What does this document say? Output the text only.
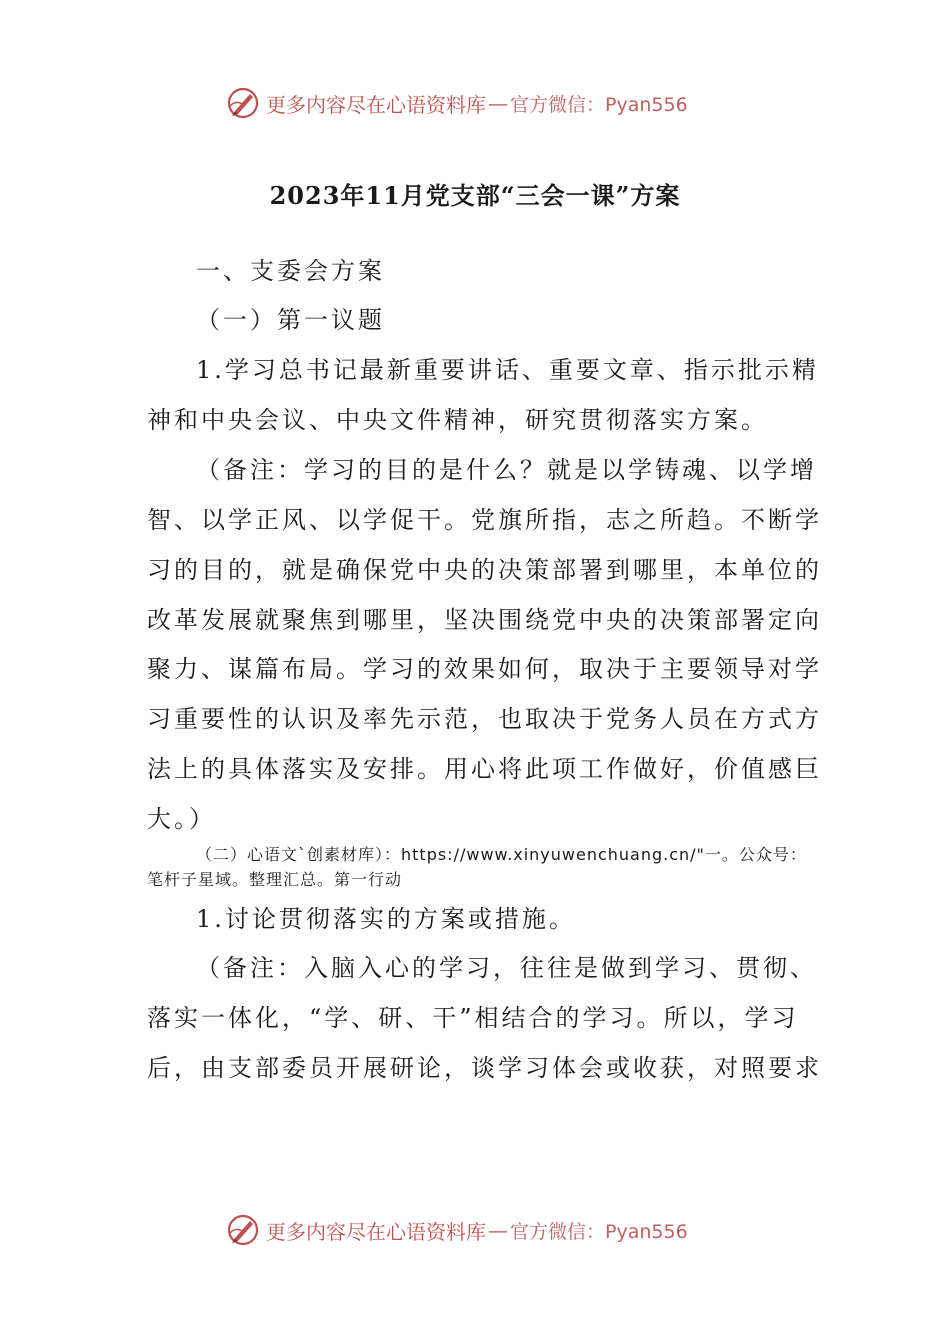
更多内容尽在心语资料库 — 官方微信：Pyan556
2023年11月党支部“三会一课”方案
一、支委会方案
（一）第一议题
1.学习总书记最新重要讲话、重要文章、指示批示精
神和中央会议、中央文件精神，研究贯彻落实方案。
（备注：学习的目的是什么？就是以学铸魂、以学增
智、以学正风、以学促干。党旗所指，志之所趋。不断学
习的目的，就是确保党中央的决策部署到哪里，本单位的
改革发展就聚焦到哪里，坚决围绕党中央的决策部署定向
聚力、谋篇布局。学习的效果如何，取决于主要领导对学
习重要性的认识及率先示范，也取决于党务人员在方式方
法上的具体落实及安排。用心将此项工作做好，价值感巨
大。）
（二）心语文`创素材库）：https://www.xinyuwenchuang.cn/"一。公众号：
笔杆子星域。整理汇总。第一行动
1.讨论贯彻落实的方案或措施。
（备注：入脑入心的学习，往往是做到学习、贯彻、
落实一体化，“学、研、干”相结合的学习。所以，学习
后，由支部委员开展研论，谈学习体会或收获，对照要求
更多内容尽在心语资料库 — 官方微信：Pyan556
